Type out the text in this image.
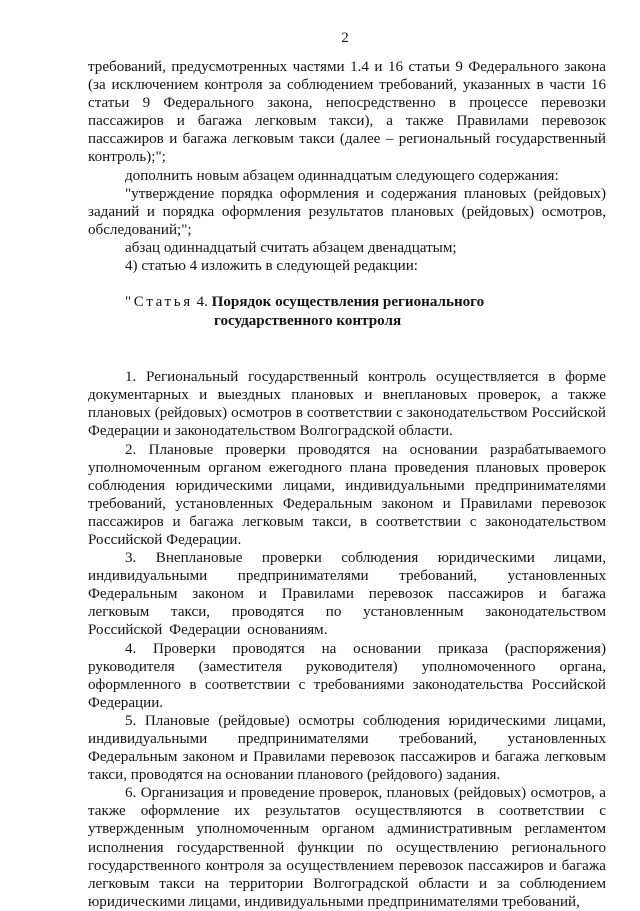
2

требований, предусмотренных частями 1.4 и 16 статьи 9 Федерального закона (за исключением контроля за соблюдением требований, указанных в части 16 статьи 9 Федерального закона, непосредственно в процессе перевозки пассажиров и багажа легковым такси), а также Правилами перевозок пассажиров и багажа легковым такси (далее – региональный государственный контроль);";

дополнить новым абзацем одиннадцатым следующего содержания:

"утверждение порядка оформления и содержания плановых (рейдовых) заданий и порядка оформления результатов плановых (рейдовых) осмотров, обследований;";

абзац одиннадцатый считать абзацем двенадцатым;

4) статью 4 изложить в следующей редакции:

"Статья 4. Порядок осуществления регионального
государственного контроля

1. Региональный государственный контроль осуществляется в форме документарных и выездных плановых и внеплановых проверок, а также плановых (рейдовых) осмотров в соответствии с законодательством Российской Федерации и законодательством Волгоградской области.

2. Плановые проверки проводятся на основании разрабатываемого уполномоченным органом ежегодного плана проведения плановых проверок соблюдения юридическими лицами, индивидуальными предпринимателями требований, установленных Федеральным законом и Правилами перевозок пассажиров и багажа легковым такси, в соответствии с законодательством Российской Федерации.

3. Внеплановые проверки соблюдения юридическими лицами, индивидуальными предпринимателями требований, установленных Федеральным законом и Правилами перевозок пассажиров и багажа легковым такси, проводятся по установленным законодательством Российской Федерации основаниям.

4. Проверки проводятся на основании приказа (распоряжения) руководителя (заместителя руководителя) уполномоченного органа, оформленного в соответствии с требованиями законодательства Российской Федерации.

5. Плановые (рейдовые) осмотры соблюдения юридическими лицами, индивидуальными предпринимателями требований, установленных Федеральным законом и Правилами перевозок пассажиров и багажа легковым такси, проводятся на основании планового (рейдового) задания.

6. Организация и проведение проверок, плановых (рейдовых) осмотров, а также оформление их результатов осуществляются в соответствии с утвержденным уполномоченным органом административным регламентом исполнения государственной функции по осуществлению регионального государственного контроля за осуществлением перевозок пассажиров и багажа легковым такси на территории Волгоградской области и за соблюдением юридическими лицами, индивидуальными предпринимателями требований,
